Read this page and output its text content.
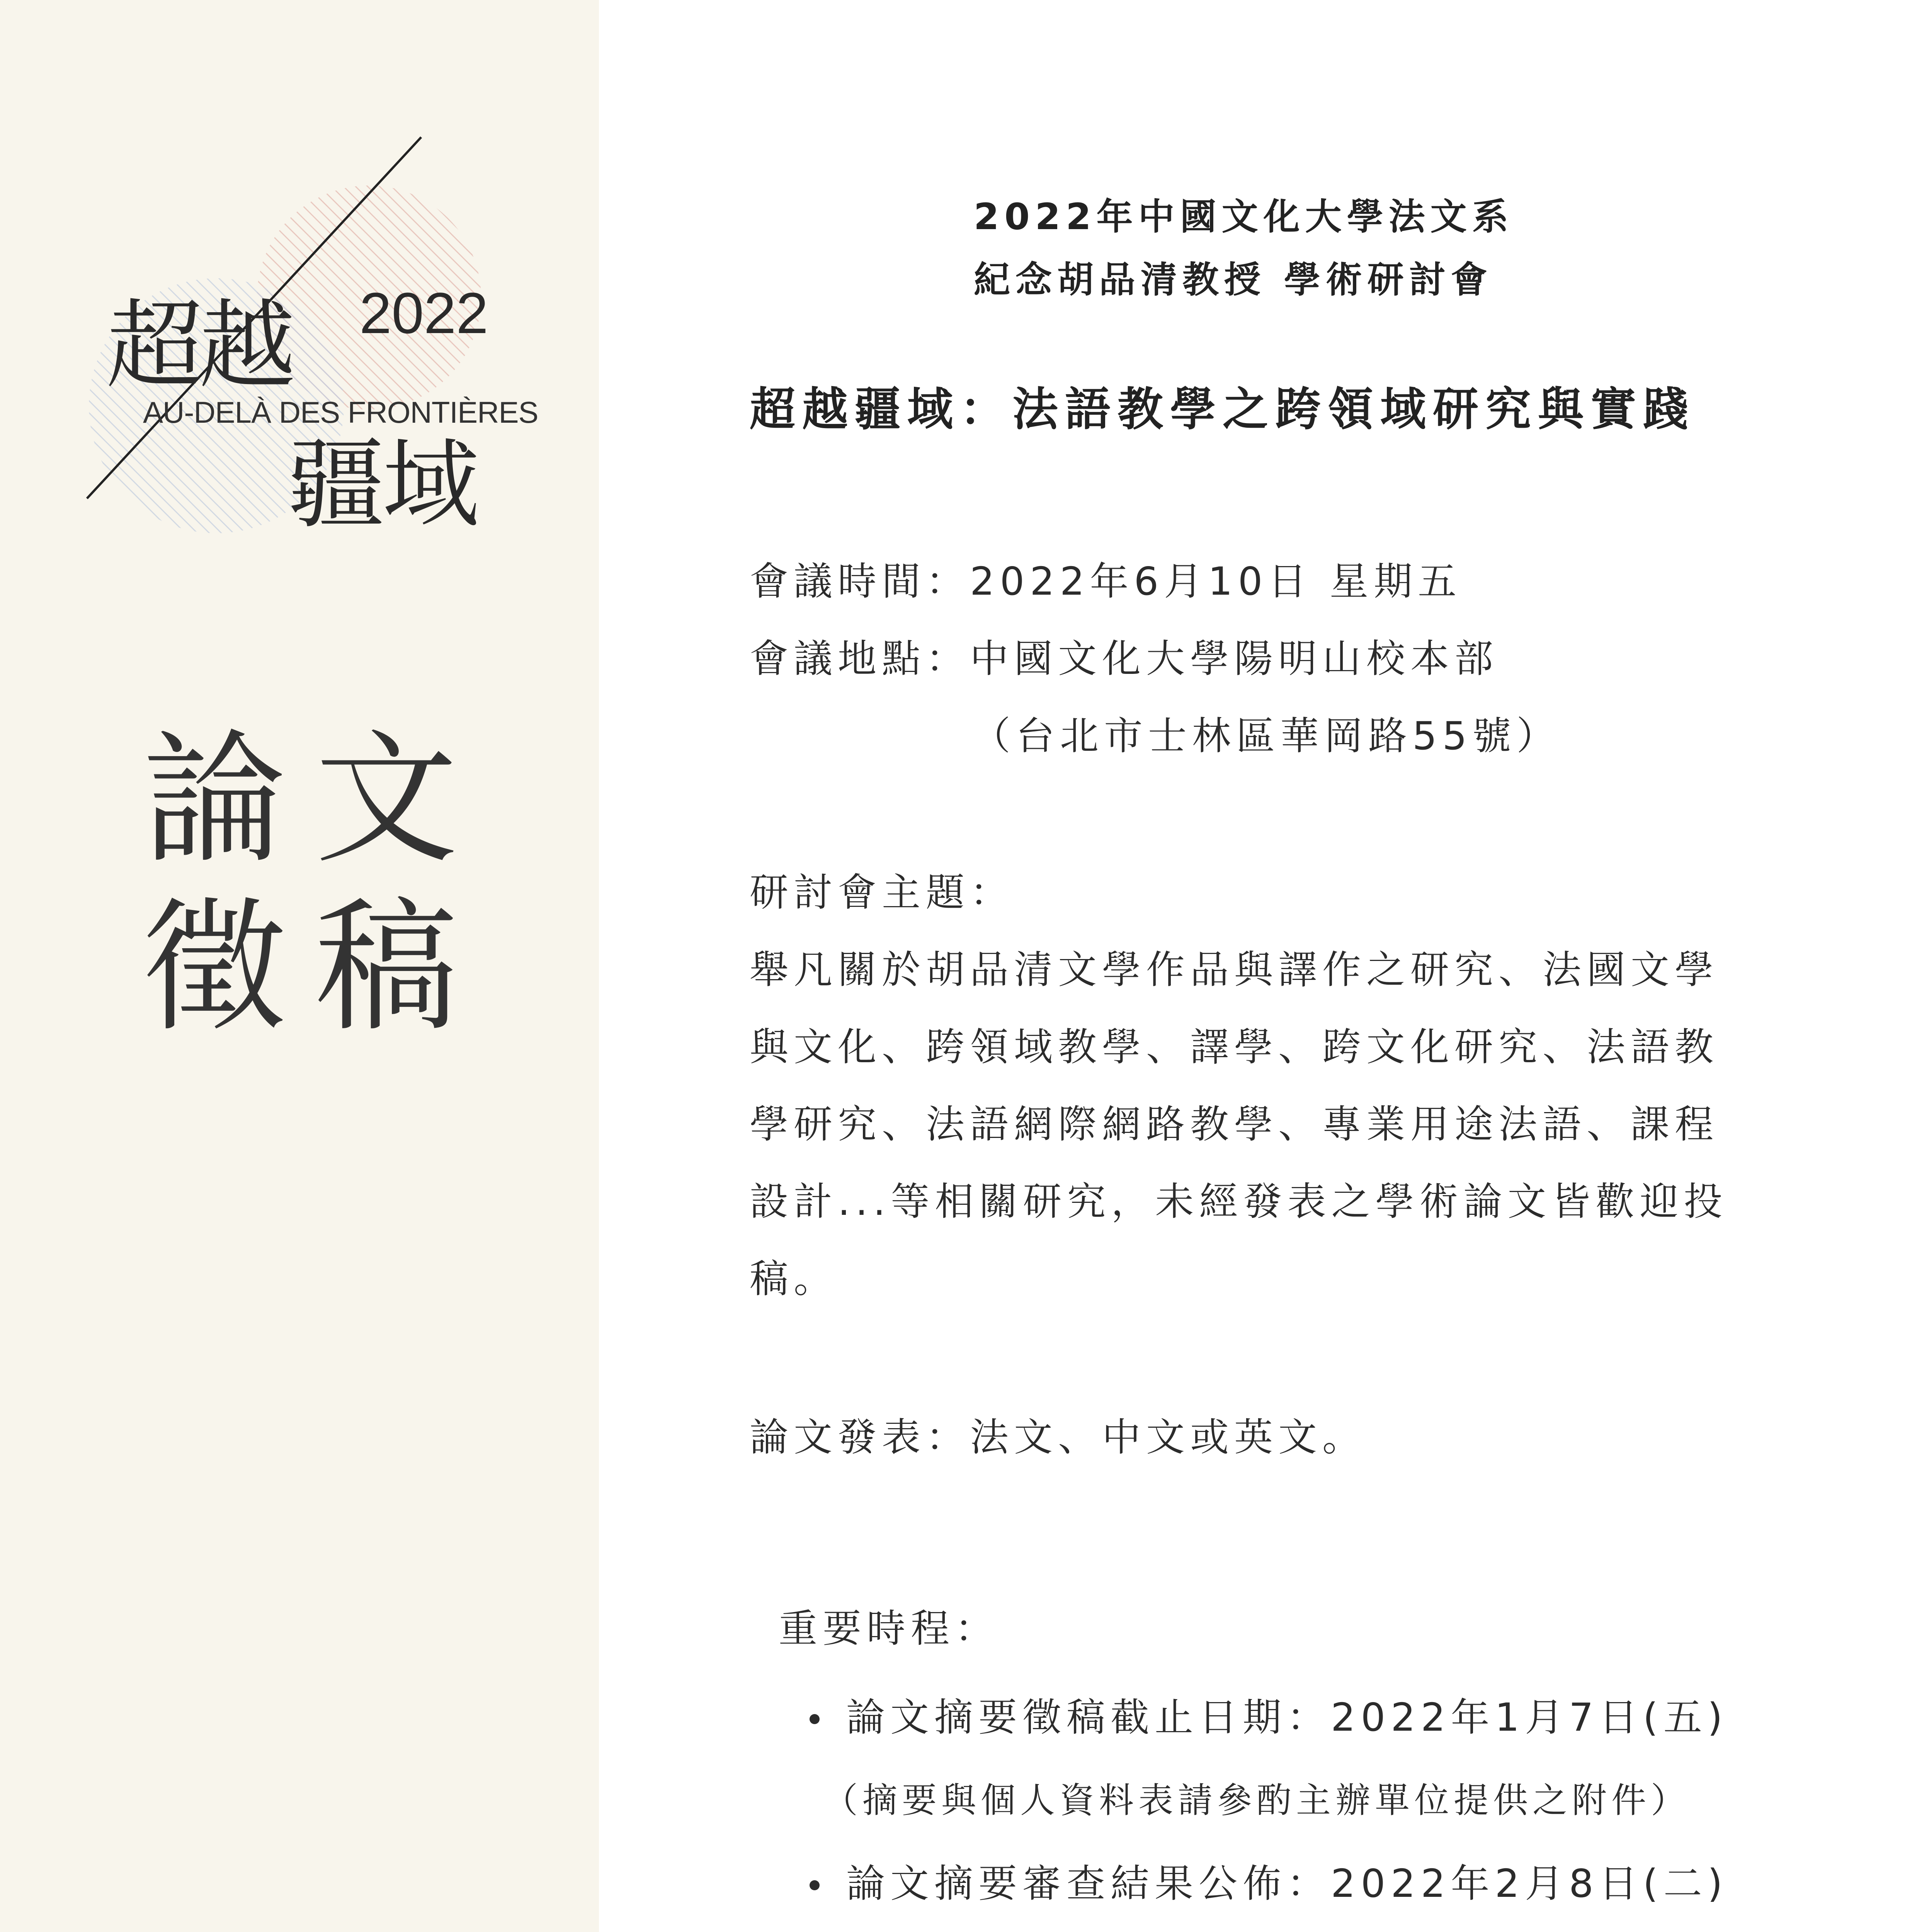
超
越 2022
AU-DELÀ DES FRONTIÈRES
疆
域
論 文
徵 稿
2022年中國文化大學法文系
紀念胡品清教授 學術研討會
超越疆域：法語教學之跨領域研究與實踐
會議時間：2022年6月10日 星期五
會議地點：中國文化大學陽明山校本部
（台北市士林區華岡路55號）
研討會主題：
舉凡關於胡品清文學作品與譯作之研究、法國文學
與文化、跨領域教學、譯學、跨文化研究、法語教
學研究、法語網際網路教學、專業用途法語、課程
設計...等相關研究，未經發表之學術論文皆歡迎投
稿。
論文發表：法文、中文或英文。
重要時程：
論文摘要徵稿截止日期：2022年1月7日(五)
（摘要與個人資料表請參酌主辦單位提供之附件）
論文摘要審查結果公佈：2022年2月8日(二)
